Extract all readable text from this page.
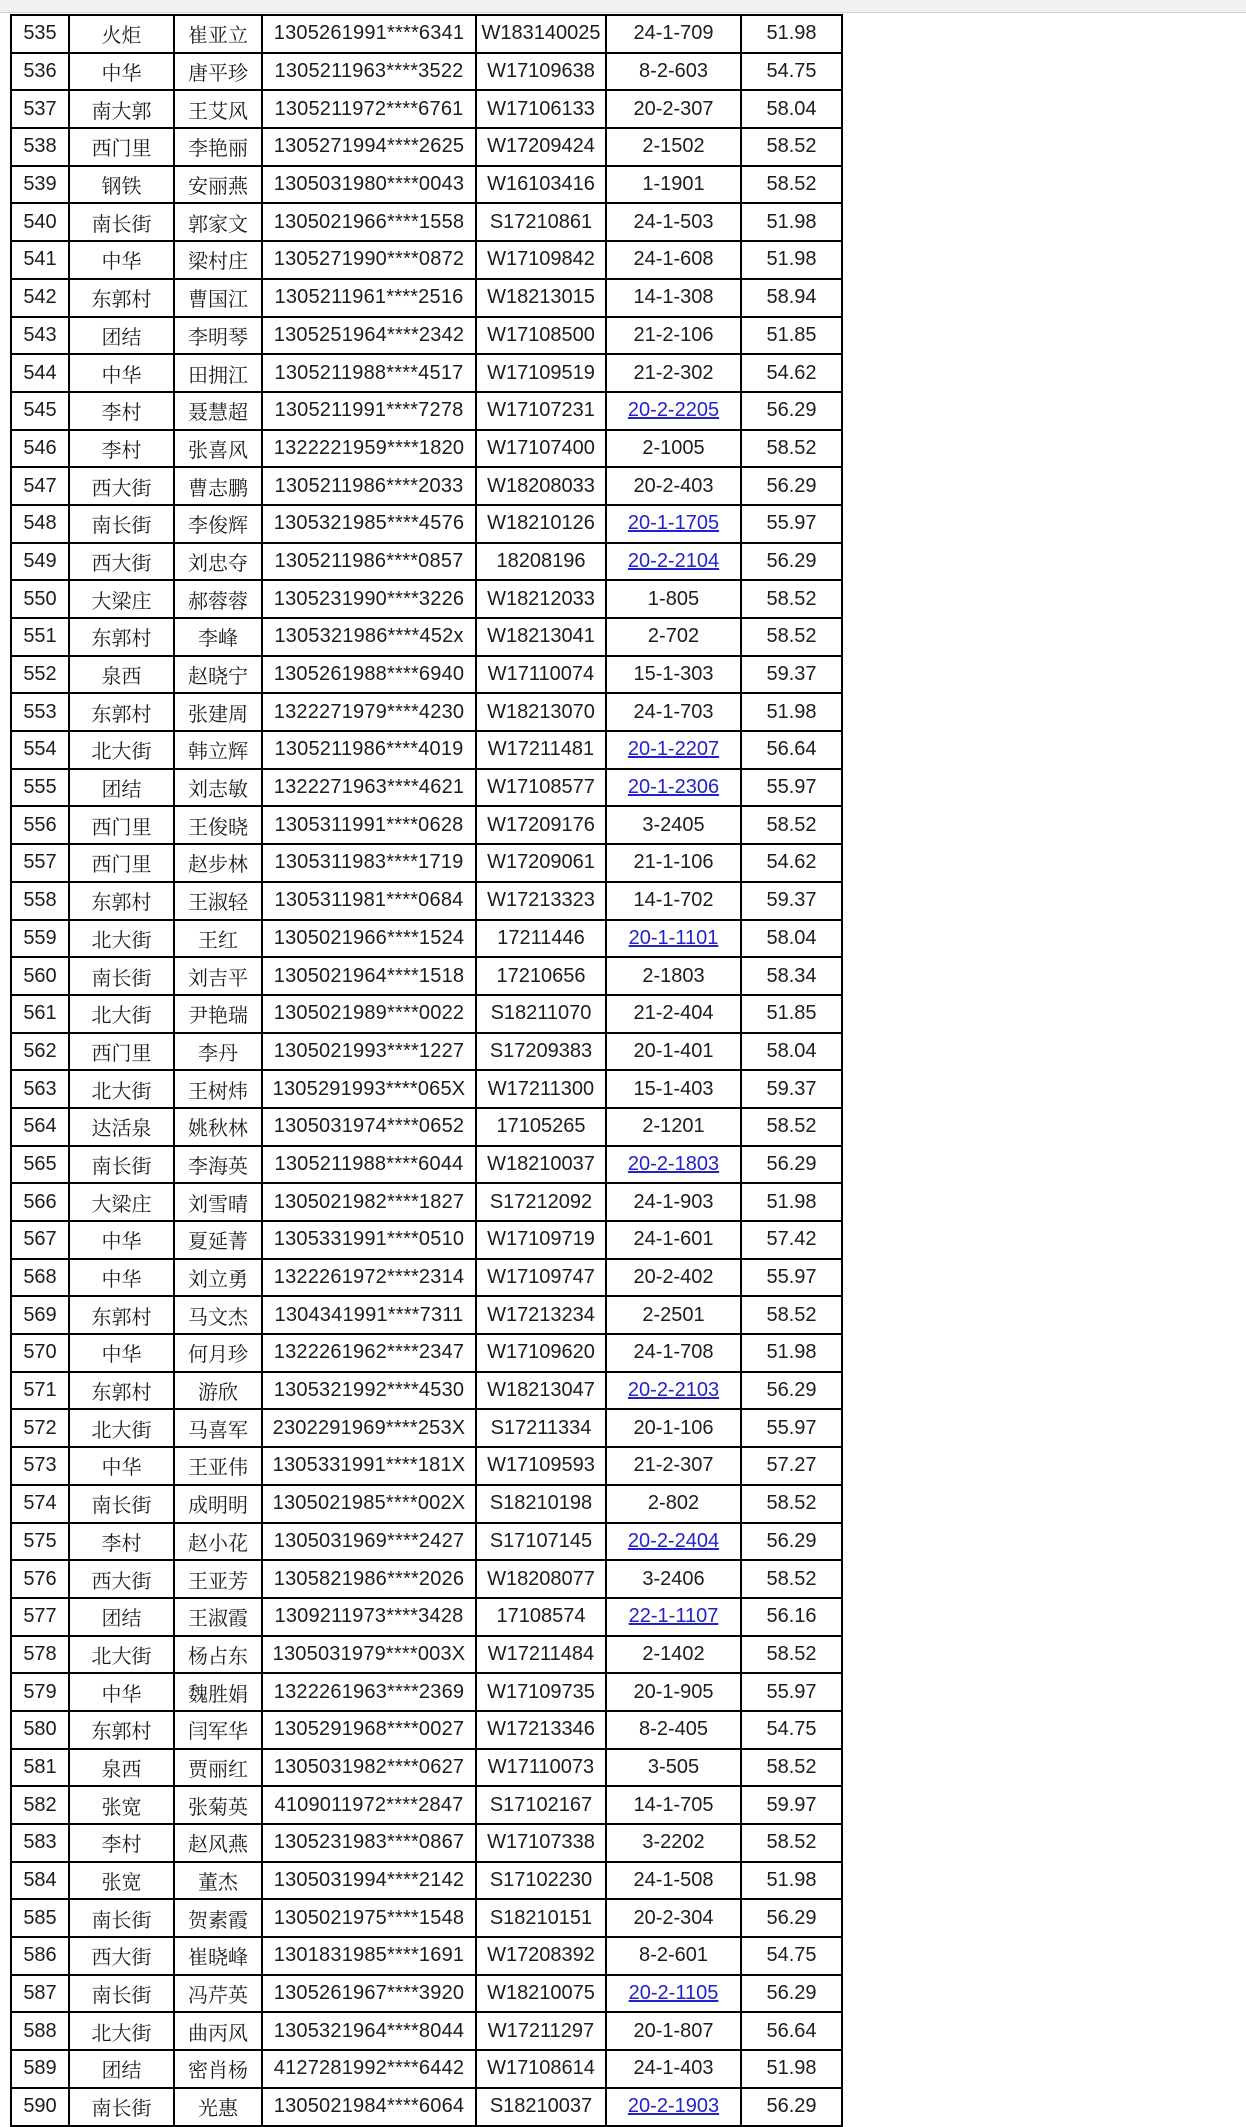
535	火炬	崔亚立	1305261991****6341	W183140025	24-1-709	51.98
536	中华	唐平珍	1305211963****3522	W17109638	8-2-603	54.75
537	南大郭	王艾风	1305211972****6761	W17106133	20-2-307	58.04
538	西门里	李艳丽	1305271994****2625	W17209424	2-1502	58.52
539	钢铁	安丽燕	1305031980****0043	W16103416	1-1901	58.52
540	南长街	郭家文	1305021966****1558	S17210861	24-1-503	51.98
541	中华	梁村庄	1305271990****0872	W17109842	24-1-608	51.98
542	东郭村	曹国江	1305211961****2516	W18213015	14-1-308	58.94
543	团结	李明琴	1305251964****2342	W17108500	21-2-106	51.85
544	中华	田拥江	1305211988****4517	W17109519	21-2-302	54.62
545	李村	聂慧超	1305211991****7278	W17107231	20-2-2205	56.29
546	李村	张喜风	1322221959****1820	W17107400	2-1005	58.52
547	西大街	曹志鹏	1305211986****2033	W18208033	20-2-403	56.29
548	南长街	李俊辉	1305321985****4576	W18210126	20-1-1705	55.97
549	西大街	刘忠夺	1305211986****0857	18208196	20-2-2104	56.29
550	大梁庄	郝蓉蓉	1305231990****3226	W18212033	1-805	58.52
551	东郭村	李峰	1305321986****452x	W18213041	2-702	58.52
552	泉西	赵晓宁	1305261988****6940	W17110074	15-1-303	59.37
553	东郭村	张建周	1322271979****4230	W18213070	24-1-703	51.98
554	北大街	韩立辉	1305211986****4019	W17211481	20-1-2207	56.64
555	团结	刘志敏	1322271963****4621	W17108577	20-1-2306	55.97
556	西门里	王俊晓	1305311991****0628	W17209176	3-2405	58.52
557	西门里	赵步林	1305311983****1719	W17209061	21-1-106	54.62
558	东郭村	王淑轻	1305311981****0684	W17213323	14-1-702	59.37
559	北大街	王红	1305021966****1524	17211446	20-1-1101	58.04
560	南长街	刘吉平	1305021964****1518	17210656	2-1803	58.34
561	北大街	尹艳瑞	1305021989****0022	S18211070	21-2-404	51.85
562	西门里	李丹	1305021993****1227	S17209383	20-1-401	58.04
563	北大街	王树炜	1305291993****065X	W17211300	15-1-403	59.37
564	达活泉	姚秋林	1305031974****0652	17105265	2-1201	58.52
565	南长街	李海英	1305211988****6044	W18210037	20-2-1803	56.29
566	大梁庄	刘雪晴	1305021982****1827	S17212092	24-1-903	51.98
567	中华	夏延菁	1305331991****0510	W17109719	24-1-601	57.42
568	中华	刘立勇	1322261972****2314	W17109747	20-2-402	55.97
569	东郭村	马文杰	1304341991****7311	W17213234	2-2501	58.52
570	中华	何月珍	1322261962****2347	W17109620	24-1-708	51.98
571	东郭村	游欣	1305321992****4530	W18213047	20-2-2103	56.29
572	北大街	马喜军	2302291969****253X	S17211334	20-1-106	55.97
573	中华	王亚伟	1305331991****181X	W17109593	21-2-307	57.27
574	南长街	成明明	1305021985****002X	S18210198	2-802	58.52
575	李村	赵小花	1305031969****2427	S17107145	20-2-2404	56.29
576	西大街	王亚芳	1305821986****2026	W18208077	3-2406	58.52
577	团结	王淑霞	1309211973****3428	17108574	22-1-1107	56.16
578	北大街	杨占东	1305031979****003X	W17211484	2-1402	58.52
579	中华	魏胜娟	1322261963****2369	W17109735	20-1-905	55.97
580	东郭村	闫军华	1305291968****0027	W17213346	8-2-405	54.75
581	泉西	贾丽红	1305031982****0627	W17110073	3-505	58.52
582	张宽	张菊英	4109011972****2847	S17102167	14-1-705	59.97
583	李村	赵风燕	1305231983****0867	W17107338	3-2202	58.52
584	张宽	董杰	1305031994****2142	S17102230	24-1-508	51.98
585	南长街	贺素霞	1305021975****1548	S18210151	20-2-304	56.29
586	西大街	崔晓峰	1301831985****1691	W17208392	8-2-601	54.75
587	南长街	冯芹英	1305261967****3920	W18210075	20-2-1105	56.29
588	北大街	曲丙风	1305321964****8044	W17211297	20-1-807	56.64
589	团结	密肖杨	4127281992****6442	W17108614	24-1-403	51.98
590	南长街	光惠	1305021984****6064	S18210037	20-2-1903	56.29
